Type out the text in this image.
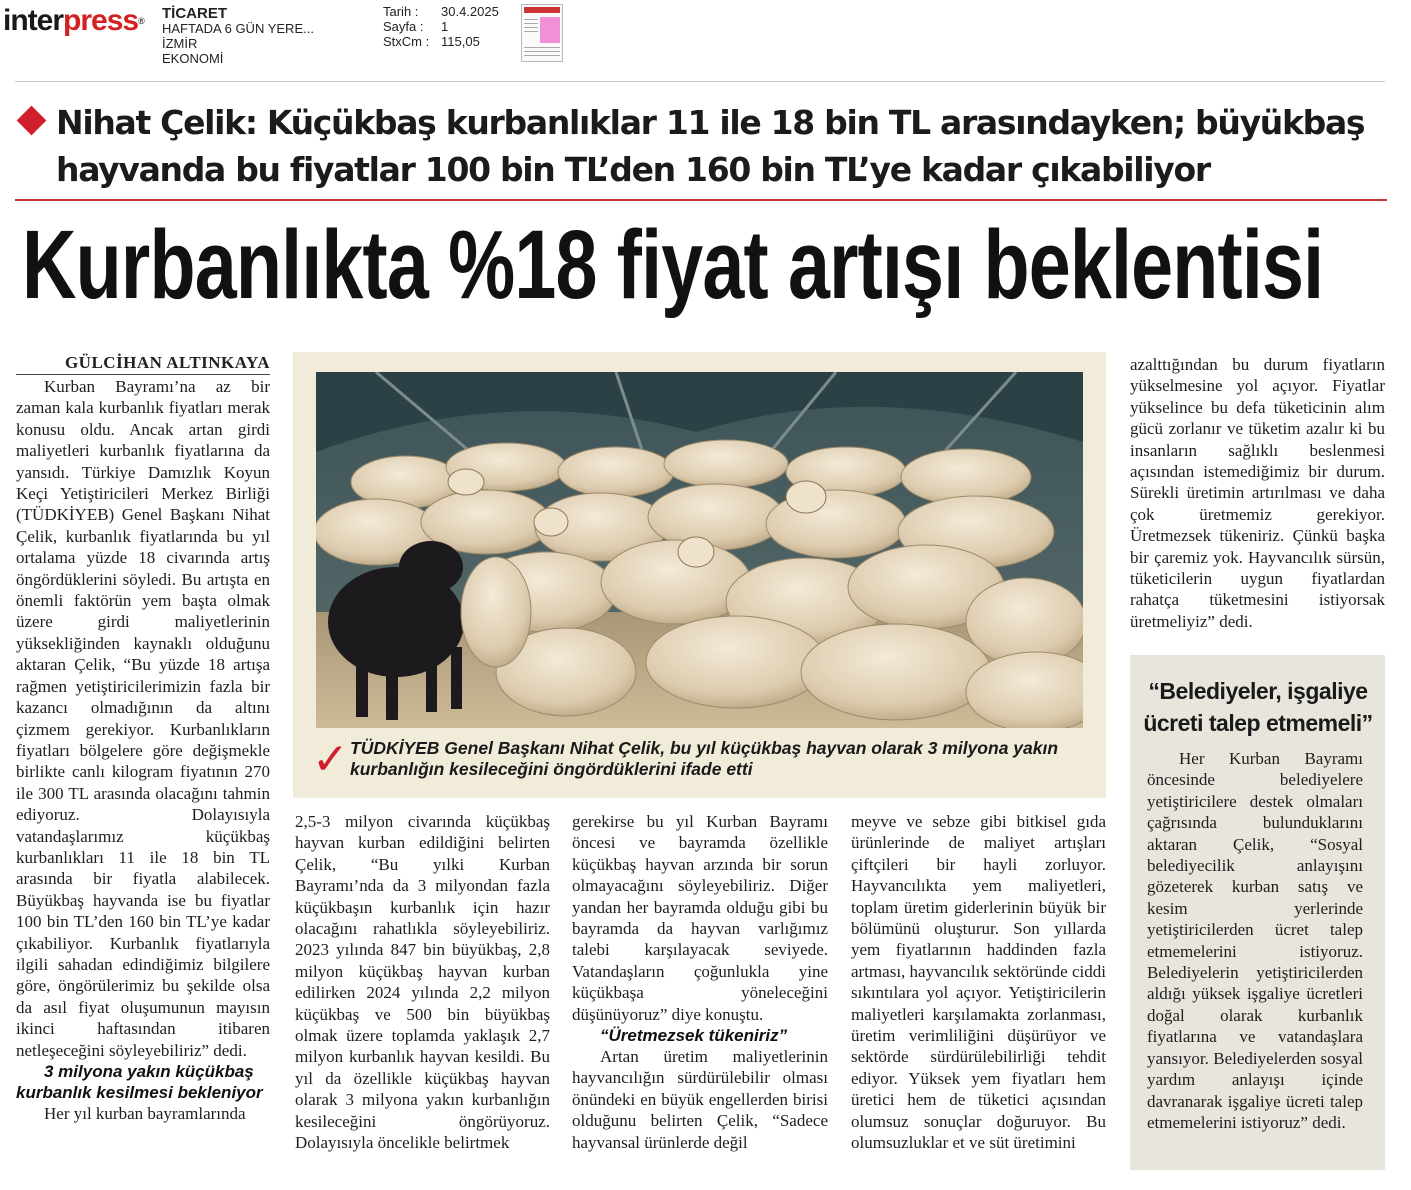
interpress® TİCARET
HAFTADA 6 GÜN YERE...
İZMİR
EKONOMİ
Tarih :	30.4.2025
Sayfa :	1
StxCm : 115,05
Nihat Çelik: Küçükbaş kurbanlıklar 11 ile 18 bin TL arasındayken; büyükbaş hayvanda bu fiyatlar 100 bin TL’den 160 bin TL’ye kadar çıkabiliyor
Kurbanlıkta %18 fiyat artışı beklentisi
GÜLCİHAN ALTINKAYA

Kurban Bayramı’na az bir zaman kala kurbanlık fiyatları merak konusu oldu. Ancak artan girdi maliyetleri kurbanlık fiyatlarına da yansıdı. Türkiye Damızlık Koyun Keçi Yetiştiricileri Merkez Birliği (TÜDKİYEB) Genel Başkanı Nihat Çelik, kurbanlık fiyatlarında bu yıl ortalama yüzde 18 civarında artış öngördüklerini söyledi. Bu artışta en önemli faktörün yem başta olmak üzere girdi maliyetlerinin yüksekliğinden kaynaklı olduğunu aktaran Çelik, “Bu yüzde 18 artışa rağmen yetiştiricilerimizin fazla bir kazancı olmadığının da altını çizmem gerekiyor. Kurbanlıkların fiyatları bölgelere göre değişmekle birlikte canlı kilogram fiyatının 270 ile 300 TL arasında olacağını tahmin ediyoruz. Dolayısıyla vatandaşlarımız küçükbaş kurbanlıkları 11 ile 18 bin TL arasında bir fiyatla alabilecek. Büyükbaş hayvanda ise bu fiyatlar 100 bin TL’den 160 bin TL’ye kadar çıkabiliyor. Kurbanlık fiyatlarıyla ilgili sahadan edindiğimiz bilgilere göre, öngörülerimiz bu şekilde olsa da asıl fiyat oluşumunun mayısın ikinci haftasından itibaren netleşeceğini söyleyebiliriz” dedi.

3 milyona yakın küçükbaş kurbanlık kesilmesi bekleniyor

Her yıl kurban bayramlarında

✓ TÜDKİYEB Genel Başkanı Nihat Çelik, bu yıl küçükbaş hayvan olarak 3 milyona yakın kurbanlığın kesileceğini öngördüklerini ifade etti

2,5-3 milyon civarında küçükbaş hayvan kurban edildiğini belirten Çelik, “Bu yılki Kurban Bayramı’nda da 3 milyondan fazla küçükbaşın kurbanlık için hazır olacağını rahatlıkla söyleyebiliriz. 2023 yılında 847 bin büyükbaş, 2,8 milyon küçükbaş hayvan kurban edilirken 2024 yılında 2,2 milyon küçükbaş ve 500 bin büyükbaş olmak üzere toplamda yaklaşık 2,7 milyon kurbanlık hayvan kesildi. Bu yıl da özellikle küçükbaş hayvan olarak 3 milyona yakın kurbanlığın kesileceğini öngörüyoruz. Dolayısıyla öncelikle belirtmek

gerekirse bu yıl Kurban Bayramı öncesi ve bayramda özellikle küçükbaş hayvan arzında bir sorun olmayacağını söyleyebiliriz. Diğer yandan her bayramda olduğu gibi bu bayramda da hayvan varlığımız talebi karşılayacak seviyede. Vatandaşların çoğunlukla yine küçükbaşa yöneleceğini düşünüyoruz” diye konuştu.

“Üretmezsek tükeniriz”

Artan üretim maliyetlerinin hayvancılığın sürdürülebilir olması önündeki en büyük engellerden birisi olduğunu belirten Çelik, “Sadece hayvansal ürünlerde değil

meyve ve sebze gibi bitkisel gıda ürünlerinde de maliyet artışları çiftçileri bir hayli zorluyor. Hayvancılıkta yem maliyetleri, toplam üretim giderlerinin büyük bir bölümünü oluşturur. Son yıllarda yem fiyatlarının haddinden fazla artması, hayvancılık sektöründe ciddi sıkıntılara yol açıyor. Yetiştiricilerin maliyetleri karşılamakta zorlanması, üretim verimliliğini düşürüyor ve sektörde sürdürülebilirliği tehdit ediyor. Yüksek yem fiyatları hem üretici hem de tüketici açısından olumsuz sonuçlar doğuruyor. Bu olumsuzluklar et ve süt üretimini

azalttığından bu durum fiyatların yükselmesine yol açıyor. Fiyatlar yükselince bu defa tüketicinin alım gücü zorlanır ve tüketim azalır ki bu insanların sağlıklı beslenmesi açısından istemediğimiz bir durum. Sürekli üretimin artırılması ve daha çok üretmemiz gerekiyor. Üretmezsek tükeniriz. Çünkü başka bir çaremiz yok. Hayvancılık sürsün, tüketicilerin uygun fiyatlardan rahatça tüketmesini istiyorsak üretmeliyiz” dedi.

“Belediyeler, işgaliye ücreti talep etmemeli”

Her Kurban Bayramı öncesinde belediyelere yetiştiricilere destek olmaları çağrısında bulunduklarını aktaran Çelik, “Sosyal belediyecilik anlayışını gözeterek kurban satış ve kesim yerlerinde yetiştiricilerden ücret talep etmemelerini istiyoruz. Belediyelerin yetiştiricilerden aldığı yüksek işgaliye ücretleri doğal olarak kurbanlık fiyatlarına ve vatandaşlara yansıyor. Belediyelerden sosyal yardım anlayışı içinde davranarak işgaliye ücreti talep etmemelerini istiyoruz” dedi.
